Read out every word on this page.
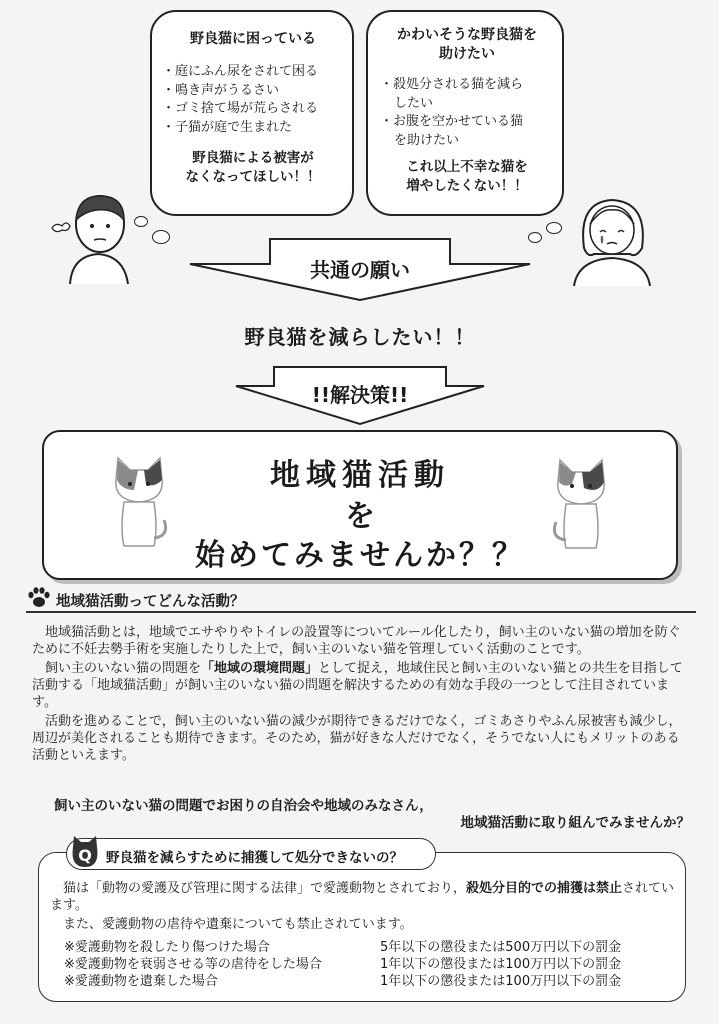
野良猫に困っている
・庭にふん尿をされて困る
・鳴き声がうるさい
・ゴミ捨て場が荒らされる
・子猫が庭で生まれた
野良猫による被害が
なくなってほしい！！
かわいそうな野良猫を
助けたい
・殺処分される猫を減ら
したい
・お腹を空かせている猫
を助けたい
これ以上不幸な猫を
増やしたくない！！
共通の願い
野良猫を減らしたい！！
!!解決策!!
地域猫活動
を
始めてみませんか？？
地域猫活動ってどんな活動？

地域猫活動とは，地域でエサやりやトイレの設置等についてルール化したり，飼い主のいない猫の増加を防ぐために不妊去勢手術を実施したりした上で，飼い主のいない猫を管理していく活動のことです。

飼い主のいない猫の問題を「地域の環境問題」として捉え，地域住民と飼い主のいない猫との共生を目指して活動する「地域猫活動」が飼い主のいない猫の問題を解決するための有効な手段の一つとして注目されています。

活動を進めることで，飼い主のいない猫の減少が期待できるだけでなく，ゴミあさりやふん尿被害も減少し，周辺が美化されることも期待できます。そのため，猫が好きな人だけでなく，そうでない人にもメリットのある活動といえます。

飼い主のいない猫の問題でお困りの自治会や地域のみなさん，
地域猫活動に取り組んでみませんか？
Q 野良猫を減らすために捕獲して処分できないの？

猫は「動物の愛護及び管理に関する法律」で愛護動物とされており，殺処分目的での捕獲は禁止されています。

また、愛護動物の虐待や遺棄についても禁止されています。

※愛護動物を殺したり傷つけた場合	5年以下の懲役または500万円以下の罰金
※愛護動物を衰弱させる等の虐待をした場合	1年以下の懲役または100万円以下の罰金
※愛護動物を遺棄した場合	1年以下の懲役または100万円以下の罰金
